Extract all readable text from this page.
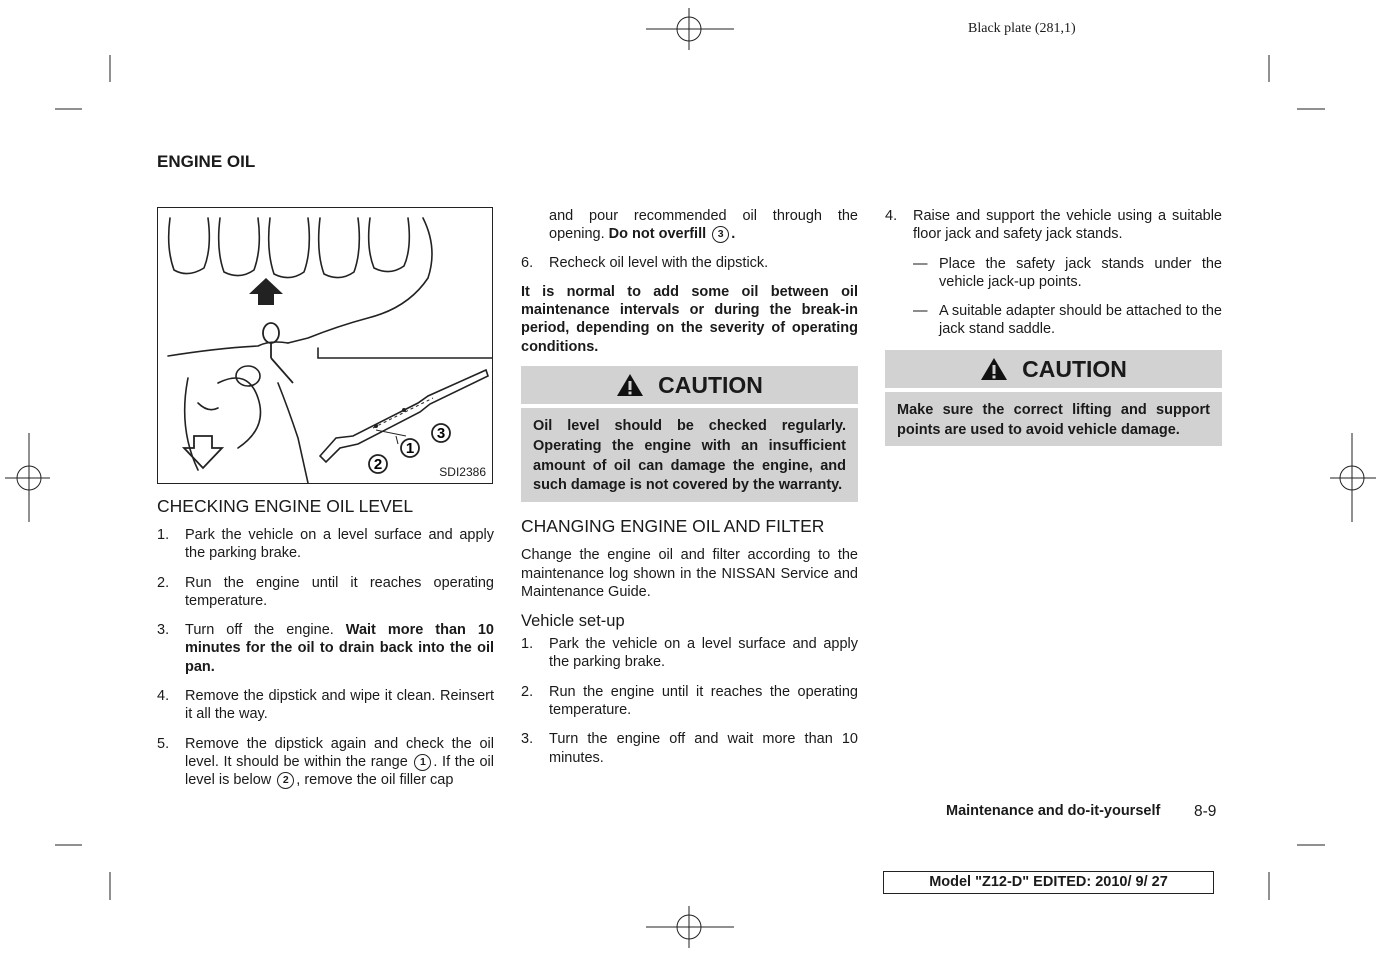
Black plate (281,1)
ENGINE OIL
1
2
3
SDI2386
CHECKING ENGINE OIL LEVEL
1.	Park the vehicle on a level surface and apply the parking brake.
2.	Run the engine until it reaches operating temperature.
3.	Turn off the engine. Wait more than 10 minutes for the oil to drain back into the oil pan.
4.	Remove the dipstick and wipe it clean. Reinsert it all the way.
5.	Remove the dipstick again and check the oil level. It should be within the range 1 . If the oil level is below 2 , remove the oil filler cap
and pour recommended oil through the opening. Do not overfill 3 .
6.	Recheck oil level with the dipstick.
It is normal to add some oil between oil maintenance intervals or during the break-in period, depending on the severity of operating conditions.
CAUTION
Oil level should be checked regularly. Operating the engine with an insufficient amount of oil can damage the engine, and such damage is not covered by the warranty.
CHANGING ENGINE OIL AND FILTER
Change the engine oil and filter according to the maintenance log shown in the NISSAN Service and Maintenance Guide.
Vehicle set-up
1.	Park the vehicle on a level surface and apply the parking brake.
2.	Run the engine until it reaches the operating temperature.
3.	Turn the engine off and wait more than 10 minutes.
4.	Raise and support the vehicle using a suitable floor jack and safety jack stands.
— Place the safety jack stands under the vehicle jack-up points.
— A suitable adapter should be attached to the jack stand saddle.
CAUTION
Make sure the correct lifting and support points are used to avoid vehicle damage.
Maintenance and do-it-yourself 8-9
Model "Z12-D" EDITED: 2010/ 9/ 27
